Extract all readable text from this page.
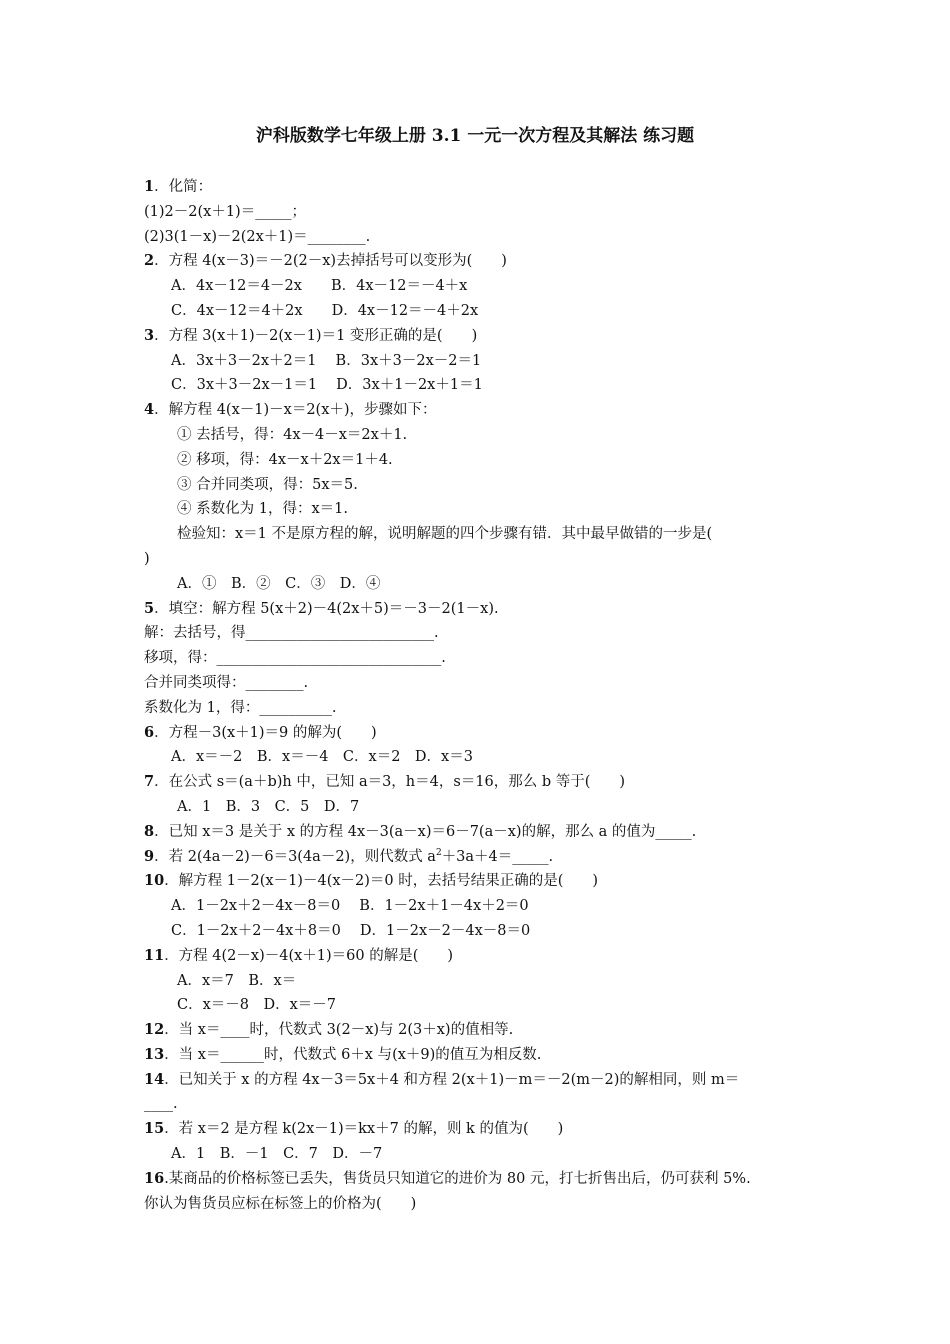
沪科版数学七年级上册 3.1 一元一次方程及其解法 练习题
1．化简：
(1)2－2(x＋1)＝_____；
(2)3(1－x)－2(2x＋1)＝________.
2．方程 4(x－3)＝－2(2－x)去掉括号可以变形为(　　)
A．4x－12＝4－2x　　B．4x－12＝－4＋x
C．4x－12＝4＋2x　　D．4x－12＝－4＋2x
3．方程 3(x＋1)－2(x－1)＝1 变形正确的是(　　)
A．3x＋3－2x＋2＝1　 B．3x＋3－2x－2＝1
C．3x＋3－2x－1＝1　 D．3x＋1－2x＋1＝1
4．解方程 4(x－1)－x＝2(x＋)，步骤如下：
① 去括号，得：4x－4－x＝2x＋1.
② 移项，得：4x－x＋2x＝1＋4.
③ 合并同类项，得：5x＝5.
④ 系数化为 1，得：x＝1.
检验知：x＝1 不是原方程的解，说明解题的四个步骤有错．其中最早做错的一步是(
)
A．①　B．②　C．③　D．④
5．填空：解方程 5(x＋2)－4(2x＋5)＝－3－2(1－x).
解：去括号，得__________________________.
移项，得：_______________________________.
合并同类项得：________.
系数化为 1，得：__________.
6．方程－3(x＋1)＝9 的解为(　　)
A．x＝－2　B．x＝－4　C．x＝2　D．x＝3
7．在公式 s＝(a＋b)h 中，已知 a＝3，h＝4，s＝16，那么 b 等于(　　)
A．1　B．3　C．5　D．7
8．已知 x＝3 是关于 x 的方程 4x－3(a－x)＝6－7(a－x)的解，那么 a 的值为_____.
9．若 2(4a－2)－6＝3(4a－2)，则代数式 $a^2+3a+4=\_\_\_\_\_$.
10．解方程 1－2(x－1)－4(x－2)＝0 时，去括号结果正确的是(　　)
A．1－2x＋2－4x－8＝0　 B．1－2x＋1－4x＋2＝0
C．1－2x＋2－4x＋8＝0　 D．1－2x－2－4x－8＝0
11．方程 4(2－x)－4(x＋1)＝60 的解是(　　)
A．x＝7　B．x＝
C．x＝－8　D．x＝－7
12．当 x＝____时，代数式 3(2－x)与 2(3＋x)的值相等.
13．当 x＝______时，代数式 6＋x 与(x＋9)的值互为相反数.
14．已知关于 x 的方程 4x－3＝5x＋4 和方程 2(x＋1)－m＝－2(m－2)的解相同，则 m＝
____.
15．若 x＝2 是方程 k(2x－1)＝kx＋7 的解，则 k 的值为(　　)
A．1　B．－1　C．7　D．－7
16.某商品的价格标签已丢失，售货员只知道它的进价为 80 元，打七折售出后，仍可获利 5%.
你认为售货员应标在标签上的价格为(　　)
